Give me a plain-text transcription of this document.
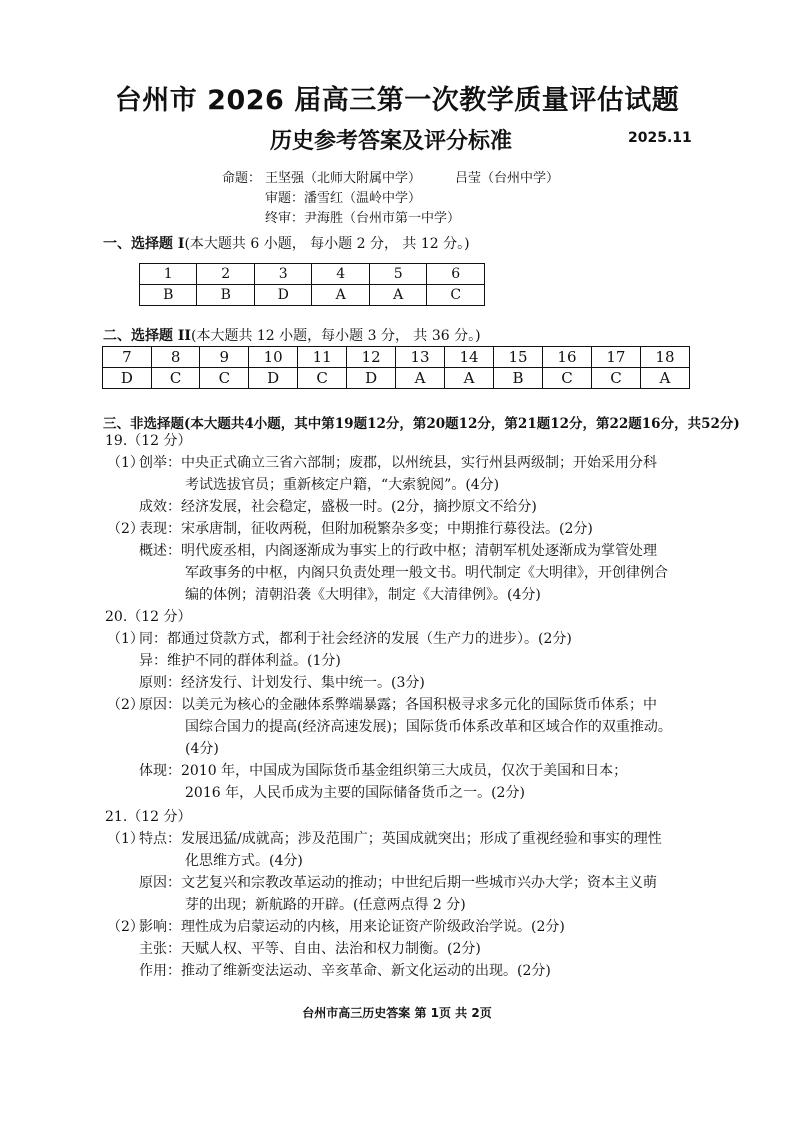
台州市 2026 届高三第一次教学质量评估试题
历史参考答案及评分标准	2025.11
命题： 王坚强（北师大附属中学）	吕莹（台州中学）
审题：潘雪红（温岭中学）
终审：尹海胜（台州市第一中学）
一、选择题 I(本大题共 6 小题， 每小题 2 分， 共 12 分。)
1	2	3	4	5	6
B	B	D	A	A	C
二、选择题 II(本大题共 12 小题，每小题 3 分， 共 36 分。)
7	8	9	10	11	12	13	14	15	16	17	18
D	C	C	D	C	D	A	A	B	C	C	A
三、非选择题(本大题共4小题，其中第19题12分，第20题12分，第21题12分，第22题16分，共52分)
19.（12 分）
（1）
创举：中央正式确立三省六部制；废郡，以州统县，实行州县两级制；开始采用分科
考试选拔官员；重新核定户籍，“大索貌阅”。(4分)
成效：经济发展，社会稳定，盛极一时。(2分，摘抄原文不给分)
（2）
表现：宋承唐制，征收两税，但附加税繁杂多变；中期推行募役法。(2分)
概述：明代废丞相，内阁逐渐成为事实上的行政中枢；清朝军机处逐渐成为掌管处理
军政事务的中枢，内阁只负责处理一般文书。明代制定《大明律》，开创律例合
编的体例；清朝沿袭《大明律》，制定《大清律例》。(4分)
20.（12 分）
（1）
同：都通过贷款方式，都利于社会经济的发展（生产力的进步）。(2分)
异：维护不同的群体利益。(1分)
原则：经济发行、计划发行、集中统一。(3分)
（2）
原因：以美元为核心的金融体系弊端暴露；各国积极寻求多元化的国际货币体系；中
国综合国力的提高(经济高速发展)；国际货币体系改革和区域合作的双重推动。
(4分)
体现：2010 年，中国成为国际货币基金组织第三大成员，仅次于美国和日本；
2016 年，人民币成为主要的国际储备货币之一。(2分)
21.（12 分）
（1）
特点：发展迅猛/成就高；涉及范围广；英国成就突出；形成了重视经验和事实的理性
化思维方式。(4分)
原因：文艺复兴和宗教改革运动的推动；中世纪后期一些城市兴办大学；资本主义萌
芽的出现；新航路的开辟。(任意两点得 2 分)
（2）
影响：理性成为启蒙运动的内核，用来论证资产阶级政治学说。(2分)
主张：天赋人权、平等、自由、法治和权力制衡。(2分)
作用：推动了维新变法运动、辛亥革命、新文化运动的出现。(2分)
台州市高三历史答案 第 1页 共 2页
